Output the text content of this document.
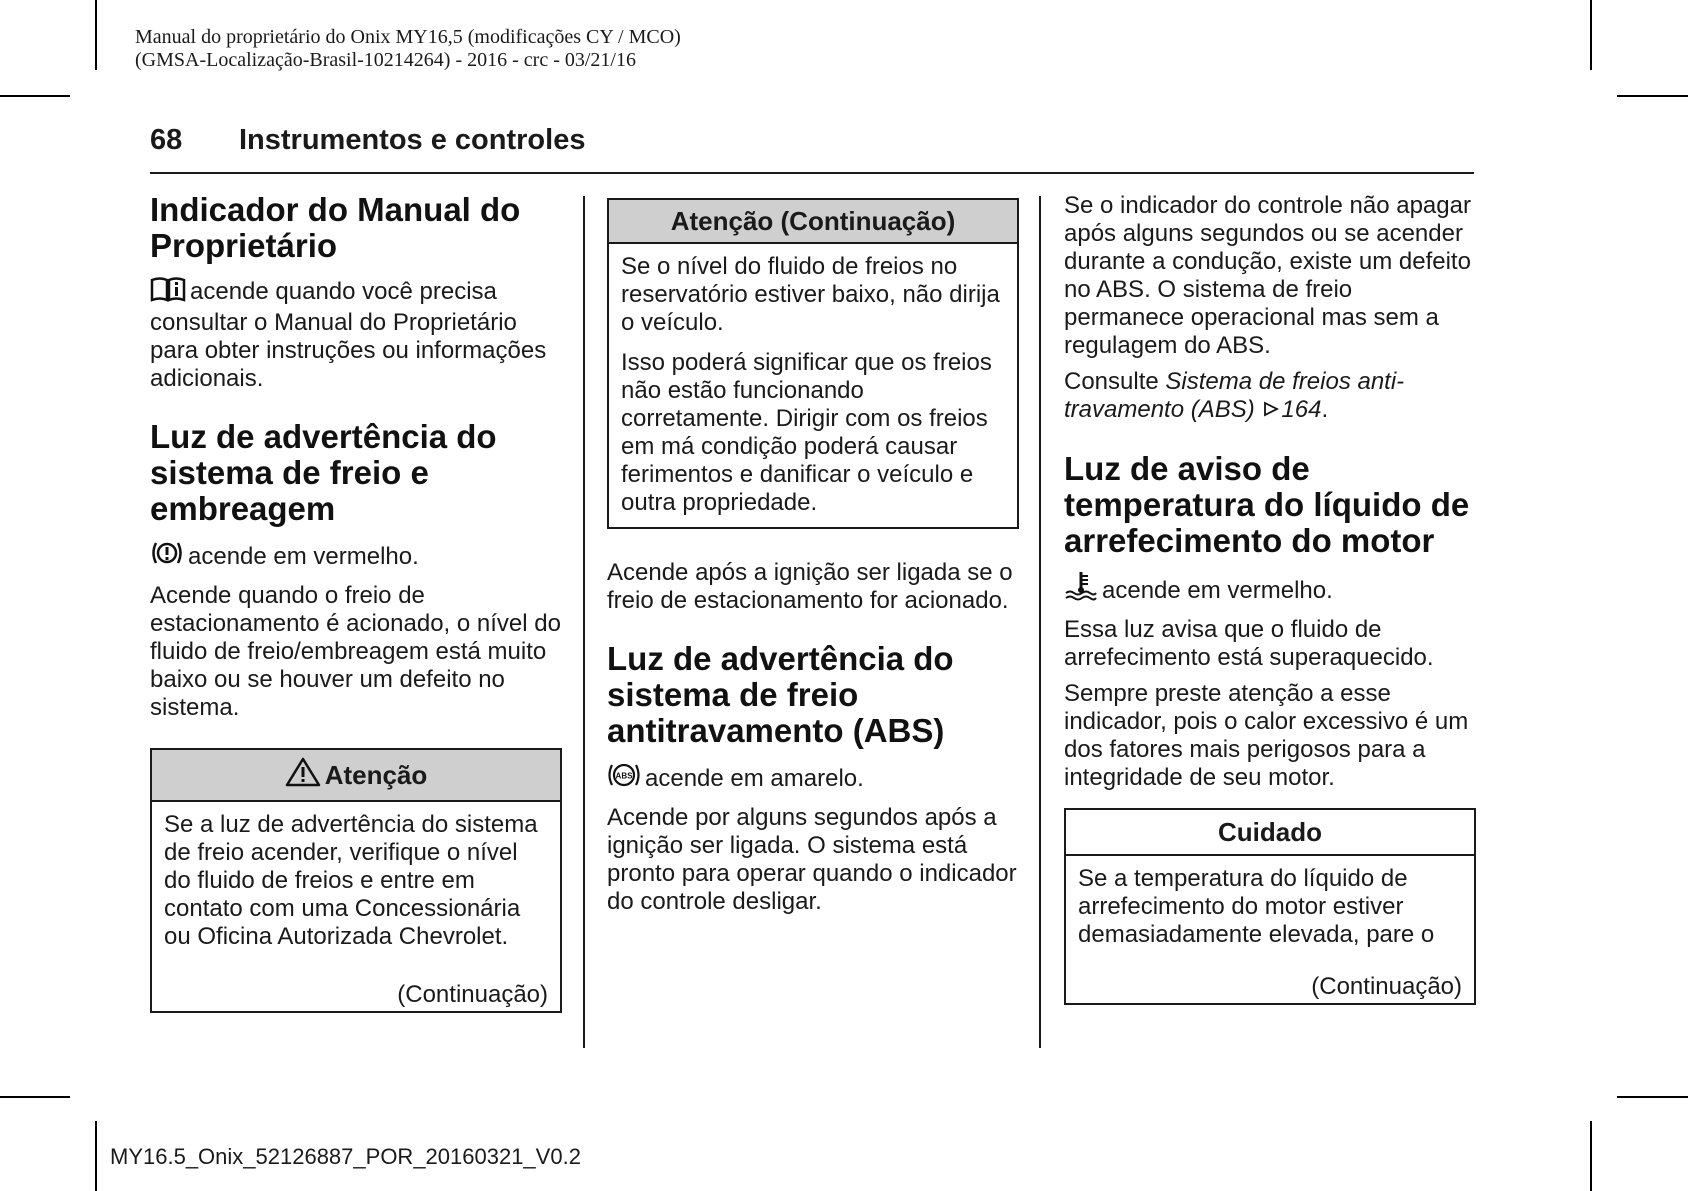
Manual do proprietário do Onix MY16,5 (modificações CY / MCO)
(GMSA-Localização-Brasil-10214264) - 2016 - crc - 03/21/16
68 Instrumentos e controles
Indicador do Manual do Proprietário

acende quando você precisa consultar o Manual do Proprietário para obter instruções ou informações adicionais.

Luz de advertência do sistema de freio e embreagem

acende em vermelho.

Acende quando o freio de estacionamento é acionado, o nível do fluido de freio/embreagem está muito baixo ou se houver um defeito no sistema.

Atenção
Se a luz de advertência do sistema de freio acender, verifique o nível do fluido de freios e entre em contato com uma Concessionária ou Oficina Autorizada Chevrolet.
(Continuação)
Atenção (Continuação)

Se o nível do fluido de freios no reservatório estiver baixo, não dirija o veículo.

Isso poderá significar que os freios não estão funcionando corretamente. Dirigir com os freios em má condição poderá causar ferimentos e danificar o veículo e outra propriedade.

Acende após a ignição ser ligada se o freio de estacionamento for acionado.

Luz de advertência do sistema de freio antitravamento (ABS)

ABS acende em amarelo.

Acende por alguns segundos após a ignição ser ligada. O sistema está pronto para operar quando o indicador do controle desligar.

Se o indicador do controle não apagar após alguns segundos ou se acender durante a condução, existe um defeito no ABS. O sistema de freio permanece operacional mas sem a regulagem do ABS.

Consulte Sistema de freios anti-travamento (ABS) 164.

Luz de aviso de temperatura do líquido de arrefecimento do motor

acende em vermelho.

Essa luz avisa que o fluido de arrefecimento está superaquecido.

Sempre preste atenção a esse indicador, pois o calor excessivo é um dos fatores mais perigosos para a integridade de seu motor.

Cuidado
Se a temperatura do líquido de arrefecimento do motor estiver demasiadamente elevada, pare o
(Continuação)
MY16.5_Onix_52126887_POR_20160321_V0.2
